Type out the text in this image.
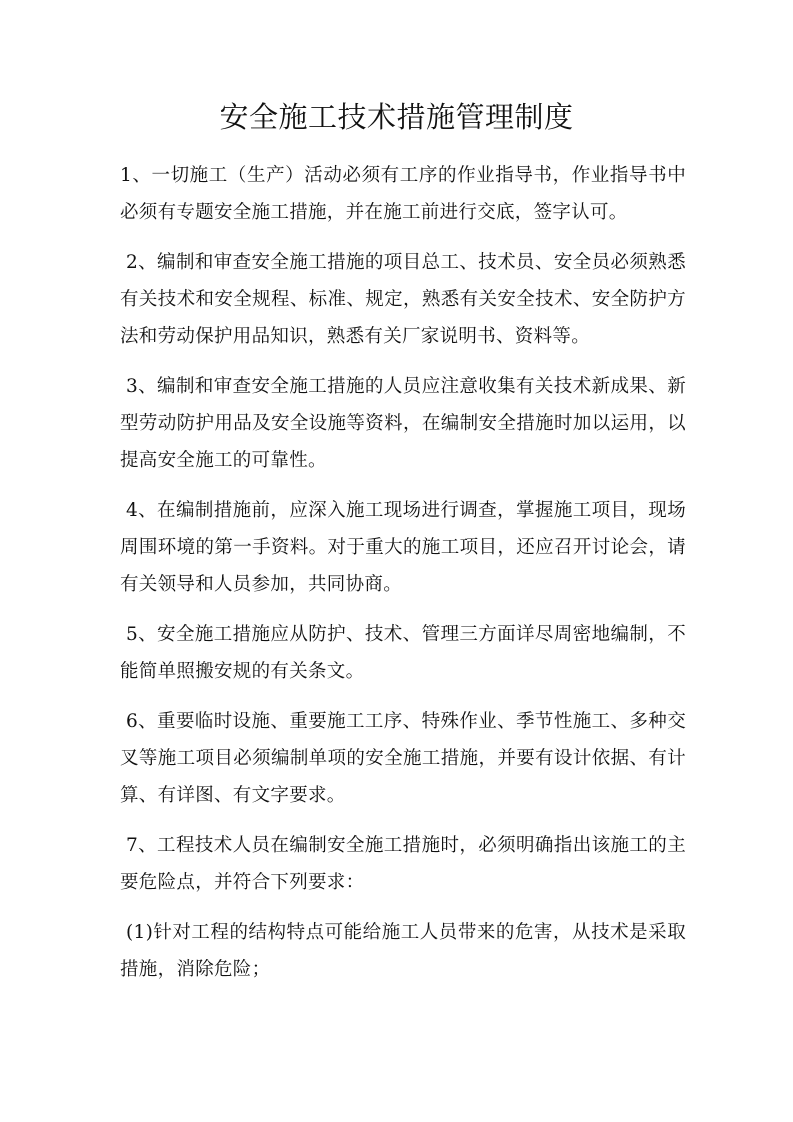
安全施工技术措施管理制度

1、一切施工（生产）活动必须有工序的作业指导书，作业指导书中必须有专题安全施工措施，并在施工前进行交底，签字认可。

2、编制和审查安全施工措施的项目总工、技术员、安全员必须熟悉有关技术和安全规程、标准、规定，熟悉有关安全技术、安全防护方法和劳动保护用品知识，熟悉有关厂家说明书、资料等。

3、编制和审查安全施工措施的人员应注意收集有关技术新成果、新型劳动防护用品及安全设施等资料，在编制安全措施时加以运用，以提高安全施工的可靠性。

4、在编制措施前，应深入施工现场进行调查，掌握施工项目，现场周围环境的第一手资料。对于重大的施工项目，还应召开讨论会，请有关领导和人员参加，共同协商。

5、安全施工措施应从防护、技术、管理三方面详尽周密地编制，不能简单照搬安规的有关条文。

6、重要临时设施、重要施工工序、特殊作业、季节性施工、多种交叉等施工项目必须编制单项的安全施工措施，并要有设计依据、有计算、有详图、有文字要求。

7、工程技术人员在编制安全施工措施时，必须明确指出该施工的主要危险点，并符合下列要求：

(1)针对工程的结构特点可能给施工人员带来的危害，从技术是采取措施，消除危险；
